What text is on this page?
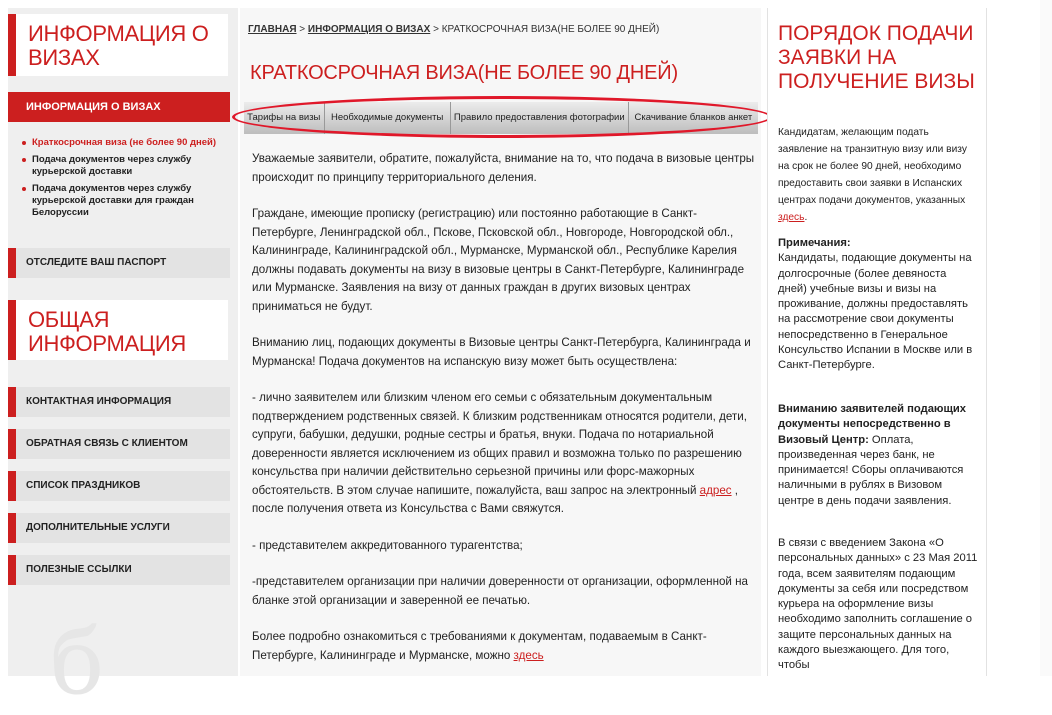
ИНФОРМАЦИЯ О ВИЗАХ
ИНФОРМАЦИЯ О ВИЗАХ
Краткосрочная виза (не более 90 дней)
Подача документов через службу курьерской доставки
Подача документов через службу курьерской доставки для граждан Белоруссии
ОТСЛЕДИТЕ ВАШ ПАСПОРТ
ОБЩАЯ ИНФОРМАЦИЯ
КОНТАКТНАЯ ИНФОРМАЦИЯ
ОБРАТНАЯ СВЯЗЬ С КЛИЕНТОМ
СПИСОК ПРАЗДНИКОВ
ДОПОЛНИТЕЛЬНЫЕ УСЛУГИ
ПОЛЕЗНЫЕ ССЫЛКИ
б
ГЛАВНАЯ > ИНФОРМАЦИЯ О ВИЗАХ > КРАТКОСРОЧНАЯ ВИЗА(НЕ БОЛЕЕ 90 ДНЕЙ)
КРАТКОСРОЧНАЯ ВИЗА(НЕ БОЛЕЕ 90 ДНЕЙ)
Тарифы на визы	Необходимые документы	Правило предоставления фотографии	Скачивание бланков анкет

Уважаемые заявители, обратите, пожалуйста, внимание на то, что подача в визовые центры происходит по принципу территориального деления.

Граждане, имеющие прописку (регистрацию) или постоянно работающие в Санкт-Петербурге, Ленинградской обл., Пскове, Псковской обл., Новгороде, Новгородской обл., Калининграде, Калининградской обл., Мурманске, Мурманской обл., Республике Карелия должны подавать документы на визу в визовые центры в Санкт-Петербурге, Калининграде или Мурманске. Заявления на визу от данных граждан в других визовых центрах приниматься не будут.

Вниманию лиц, подающих документы в Визовые центры Санкт-Петербурга, Калининграда и Мурманска! Подача документов на испанскую визу может быть осуществлена:

- лично заявителем или близким членом его семьи с обязательным документальным подтверждением родственных связей. К близким родственникам относятся родители, дети, супруги, бабушки, дедушки, родные сестры и братья, внуки. Подача по нотариальной доверенности является исключением из общих правил и возможна только по разрешению консульства при наличии действительно серьезной причины или форс-мажорных обстоятельств. В этом случае напишите, пожалуйста, ваш запрос на электронный адрес , после получения ответа из Консульства с Вами свяжутся.

- представителем аккредитованного турагентства;

-представителем организации при наличии доверенности от организации, оформленной на бланке этой организации и заверенной ее печатью.

Более подробно ознакомиться с требованиями к документам, подаваемым в Санкт-Петербурге, Калининграде и Мурманске, можно здесь

ПОРЯДОК ПОДАЧИ ЗАЯВКИ НА ПОЛУЧЕНИЕ ВИЗЫ
Кандидатам, желающим подать заявление на транзитную визу или визу на срок не более 90 дней, необходимо предоставить свои заявки в Испанских центрах подачи документов, указанных здесь.
Примечания:
Кандидаты, подающие документы на долгосрочные (более девяноста дней) учебные визы и визы на проживание, должны предоставлять на рассмотрение свои документы непосредственно в Генеральное Консульство Испании в Москве или в Санкт-Петербурге.
Вниманию заявителей подающих документы непосредственно в Визовый Центр: Оплата, произведенная через банк, не принимается! Сборы оплачиваются наличными в рублях в Визовом центре в день подачи заявления.
В связи с введением Закона «О персональных данных» с 23 Мая 2011 года, всем заявителям подающим документы за себя или посредством курьера на оформление визы необходимо заполнить соглашение о защите персональных данных на каждого выезжающего. Для того, чтобы
